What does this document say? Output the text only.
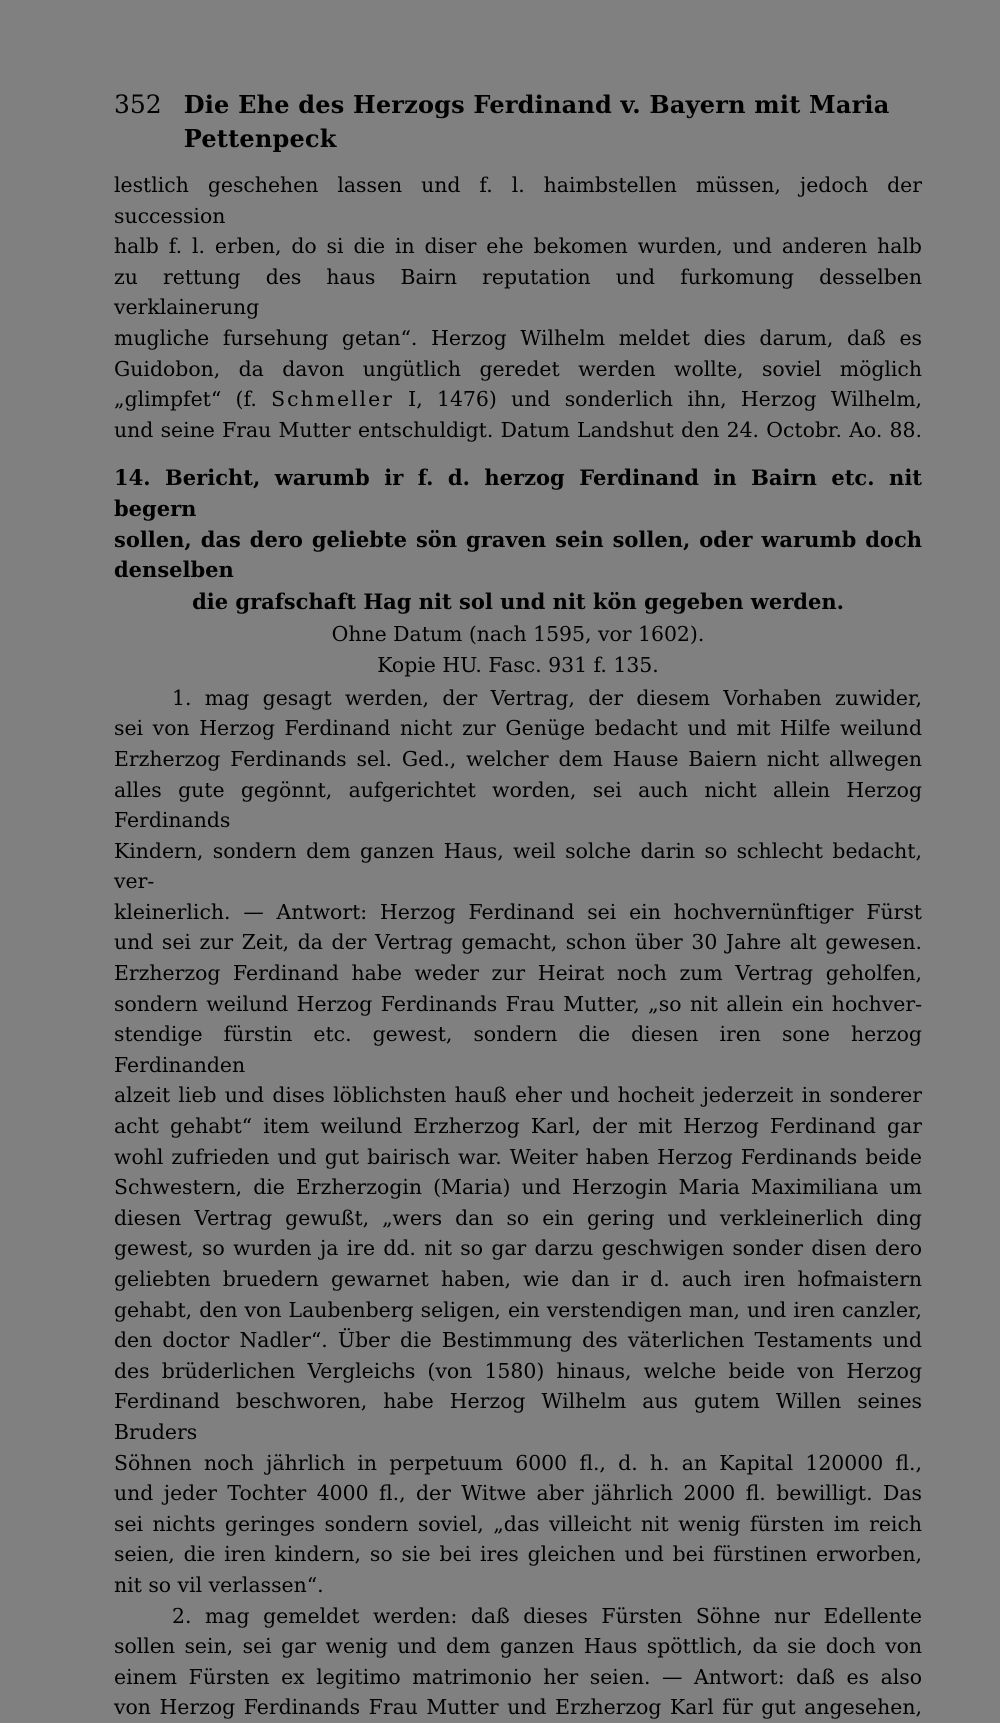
352 Die Ehe des Herzogs Ferdinand v. Bayern mit Maria Pettenpeck

lestlich geschehen lassen und f. l. haimbstellen müssen, jedoch der succession

halb f. l. erben, do si die in diser ehe bekomen wurden, und anderen halb

zu rettung des haus Bairn reputation und furkomung desselben verklainerung

mugliche fursehung getan“. Herzog Wilhelm meldet dies darum, daß es

Guidobon, da davon ungütlich geredet werden wollte, soviel möglich

„glimpfet“ (f. Schmeller I, 1476) und sonderlich ihn, Herzog Wilhelm,

und seine Frau Mutter entschuldigt. Datum Landshut den 24. Octobr. Ao. 88.

14. Bericht, warumb ir f. d. herzog Ferdinand in Bairn etc. nit begern

sollen, das dero geliebte sön graven sein sollen, oder warumb doch denselben

die grafschaft Hag nit sol und nit kön gegeben werden.
Ohne Datum (nach 1595, vor 1602).
Kopie HU. Fasc. 931 f. 135.

1. mag gesagt werden, der Vertrag, der diesem Vorhaben zuwider,

sei von Herzog Ferdinand nicht zur Genüge bedacht und mit Hilfe weilund

Erzherzog Ferdinands sel. Ged., welcher dem Hause Baiern nicht allwegen

alles gute gegönnt, aufgerichtet worden, sei auch nicht allein Herzog Ferdinands

Kindern, sondern dem ganzen Haus, weil solche darin so schlecht bedacht, ver-

kleinerlich. — Antwort: Herzog Ferdinand sei ein hochvernünftiger Fürst

und sei zur Zeit, da der Vertrag gemacht, schon über 30 Jahre alt gewesen.

Erzherzog Ferdinand habe weder zur Heirat noch zum Vertrag geholfen,

sondern weilund Herzog Ferdinands Frau Mutter, „so nit allein ein hochver-

stendige fürstin etc. gewest, sondern die diesen iren sone herzog Ferdinanden

alzeit lieb und dises löblichsten hauß eher und hocheit jederzeit in sonderer

acht gehabt“ item weilund Erzherzog Karl, der mit Herzog Ferdinand gar

wohl zufrieden und gut bairisch war. Weiter haben Herzog Ferdinands beide

Schwestern, die Erzherzogin (Maria) und Herzogin Maria Maximiliana um

diesen Vertrag gewußt, „wers dan so ein gering und verkleinerlich ding

gewest, so wurden ja ire dd. nit so gar darzu geschwigen sonder disen dero

geliebten bruedern gewarnet haben, wie dan ir d. auch iren hofmaistern

gehabt, den von Laubenberg seligen, ein verstendigen man, und iren canzler,

den doctor Nadler“. Über die Bestimmung des väterlichen Testaments und

des brüderlichen Vergleichs (von 1580) hinaus, welche beide von Herzog

Ferdinand beschworen, habe Herzog Wilhelm aus gutem Willen seines Bruders

Söhnen noch jährlich in perpetuum 6000 fl., d. h. an Kapital 120000 fl.,

und jeder Tochter 4000 fl., der Witwe aber jährlich 2000 fl. bewilligt. Das

sei nichts geringes sondern soviel, „das villeicht nit wenig fürsten im reich

seien, die iren kindern, so sie bei ires gleichen und bei fürstinen erworben,

nit so vil verlassen“.

2. mag gemeldet werden: daß dieses Fürsten Söhne nur Edellente

sollen sein, sei gar wenig und dem ganzen Haus spöttlich, da sie doch von

einem Fürsten ex legitimo matrimonio her seien. — Antwort: daß es also

von Herzog Ferdinands Frau Mutter und Erzherzog Karl für gut angesehen,
